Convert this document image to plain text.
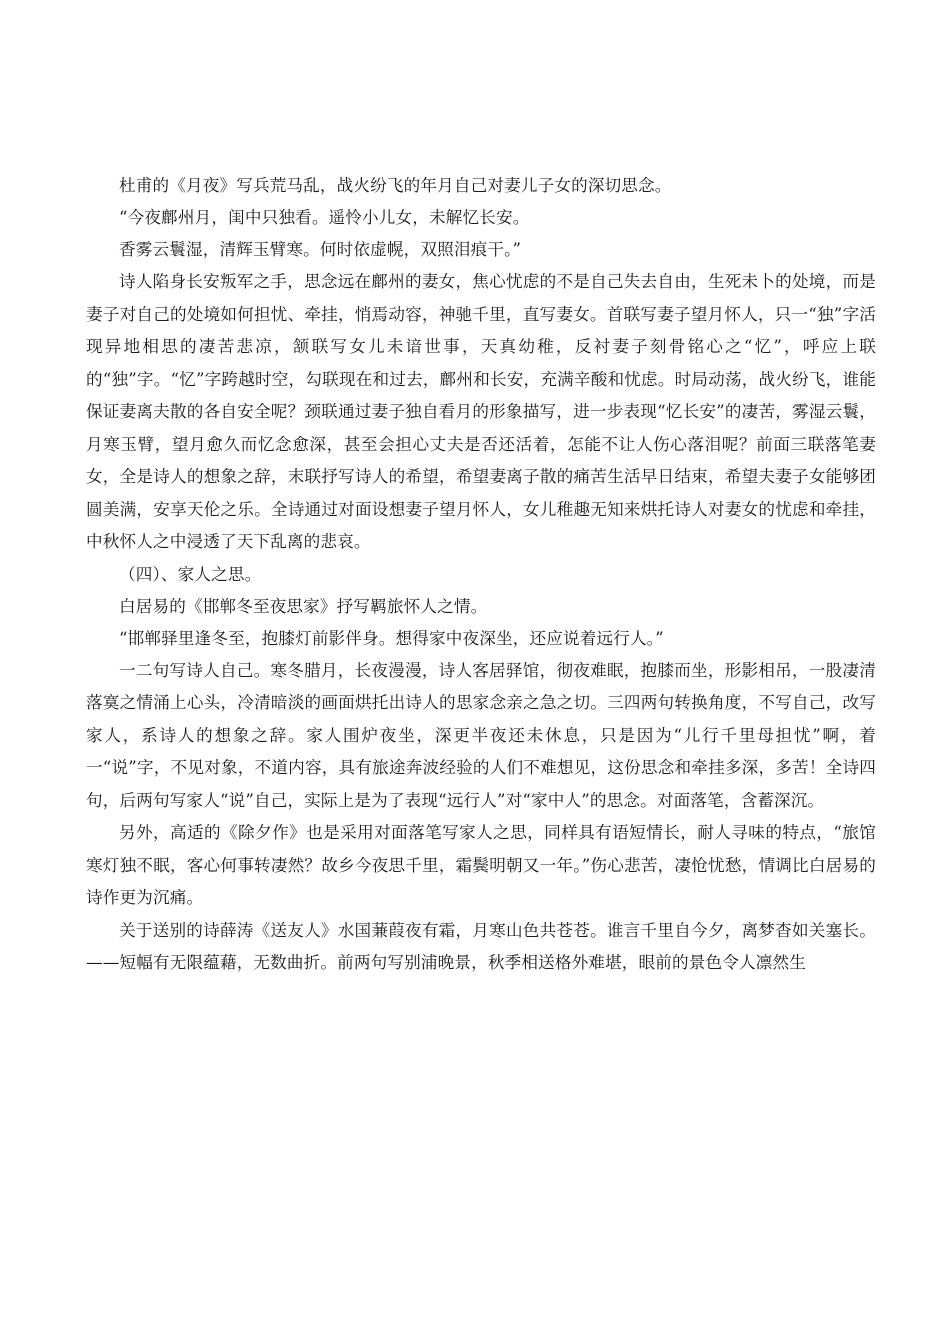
杜甫的《月夜》写兵荒马乱，战火纷飞的年月自己对妻儿子女的深切思念。

“今夜鄜州月，闺中只独看。遥怜小儿女，未解忆长安。

香雾云鬟湿，清辉玉臂寒。何时依虚幌，双照泪痕干。”

诗人陷身长安叛军之手，思念远在鄜州的妻女，焦心忧虑的不是自己失去自由，生死未卜的处境，而是妻子对自己的处境如何担忧、牵挂，悄焉动容，神驰千里，直写妻女。首联写妻子望月怀人，只一“独”字活现异地相思的凄苦悲凉，颔联写女儿未谙世事，天真幼稚，反衬妻子刻骨铭心之“忆”，呼应上联的“独”字。“忆”字跨越时空，勾联现在和过去，鄜州和长安，充满辛酸和忧虑。时局动荡，战火纷飞，谁能保证妻离夫散的各自安全呢？颈联通过妻子独自看月的形象描写，进一步表现“忆长安”的凄苦，雾湿云鬟，月寒玉臂，望月愈久而忆念愈深，甚至会担心丈夫是否还活着，怎能不让人伤心落泪呢？前面三联落笔妻女，全是诗人的想象之辞，末联抒写诗人的希望，希望妻离子散的痛苦生活早日结束，希望夫妻子女能够团圆美满，安享天伦之乐。全诗通过对面设想妻子望月怀人，女儿稚趣无知来烘托诗人对妻女的忧虑和牵挂，中秋怀人之中浸透了天下乱离的悲哀。

（四）、家人之思。

白居易的《邯郸冬至夜思家》抒写羁旅怀人之情。

“邯郸驿里逢冬至，抱膝灯前影伴身。想得家中夜深坐，还应说着远行人。”

一二句写诗人自己。寒冬腊月，长夜漫漫，诗人客居驿馆，彻夜难眠，抱膝而坐，形影相吊，一股凄清落寞之情涌上心头，冷清暗淡的画面烘托出诗人的思家念亲之急之切。三四两句转换角度，不写自己，改写家人，系诗人的想象之辞。家人围炉夜坐，深更半夜还未休息，只是因为“儿行千里母担忧”啊，着一“说”字，不见对象，不道内容，具有旅途奔波经验的人们不难想见，这份思念和牵挂多深，多苦！全诗四句，后两句写家人“说”自己，实际上是为了表现“远行人”对“家中人”的思念。对面落笔，含蓄深沉。

另外，高适的《除夕作》也是采用对面落笔写家人之思，同样具有语短情长，耐人寻味的特点，“旅馆寒灯独不眠，客心何事转凄然？故乡今夜思千里，霜鬓明朝又一年。”伤心悲苦，凄怆忧愁，情调比白居易的诗作更为沉痛。

关于送别的诗薛涛《送友人》水国蒹葭夜有霜，月寒山色共苍苍。谁言千里自今夕，离梦杳如关塞长。——短幅有无限蕴藉，无数曲折。前两句写别浦晚景，秋季相送格外难堪，眼前的景色令人凛然生
